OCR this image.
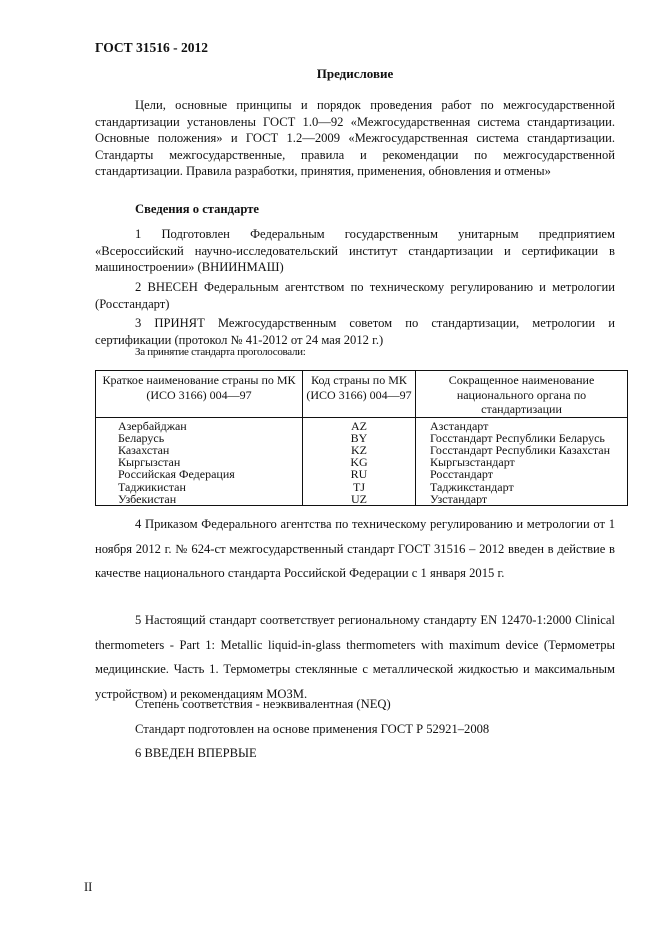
ГОСТ 31516 - 2012
Предисловие
Цели, основные принципы и порядок проведения работ по межгосударственной стандартизации установлены ГОСТ 1.0—92 «Межгосударственная система стандартизации. Основные положения» и ГОСТ 1.2—2009 «Межгосударственная система стандартизации. Стандарты межгосударственные, правила и рекомендации по межгосударственной стандартизации. Правила разработки, принятия, применения, обновления и отмены»
Сведения о стандарте
1 Подготовлен Федеральным государственным унитарным предприятием «Всероссийский научно-исследовательский институт стандартизации и сертификации в машиностроении» (ВНИИНМАШ)
2 ВНЕСЕН Федеральным агентством по техническому регулированию и метрологии (Росстандарт)
3 ПРИНЯТ Межгосударственным советом по стандартизации, метрологии и сертификации (протокол № 41-2012 от 24 мая 2012 г.)
За принятие стандарта проголосовали:
Краткое наименование страны по МК (ИСО 3166) 004—97	Код страны по МК (ИСО 3166) 004—97	Сокращенное наименование национального органа по стандартизации
Азербайджан	AZ	Азстандарт
Беларусь	BY	Госстандарт Республики Беларусь
Казахстан	KZ	Госстандарт Республики Казахстан
Кыргызстан	KG	Кыргызстандарт
Российская Федерация	RU	Росстандарт
Таджикистан	TJ	Таджикстандарт
Узбекистан	UZ	Узстандарт
4 Приказом Федерального агентства по техническому регулированию и метрологии от 1 ноября 2012 г. № 624-ст межгосударственный стандарт ГОСТ 31516 – 2012 введен в действие в качестве национального стандарта Российской Федерации с 1 января 2015 г.
5 Настоящий стандарт соответствует региональному стандарту EN 12470-1:2000 Clinical thermometers - Part 1: Metallic liquid-in-glass thermometers with maximum device (Термометры медицинские. Часть 1. Термометры стеклянные с металлической жидкостью и максимальным устройством) и рекомендациям МОЗМ.
Степень соответствия - неэквивалентная (NEQ)
Стандарт подготовлен на основе применения ГОСТ Р 52921–2008
6 ВВЕДЕН ВПЕРВЫЕ
II
